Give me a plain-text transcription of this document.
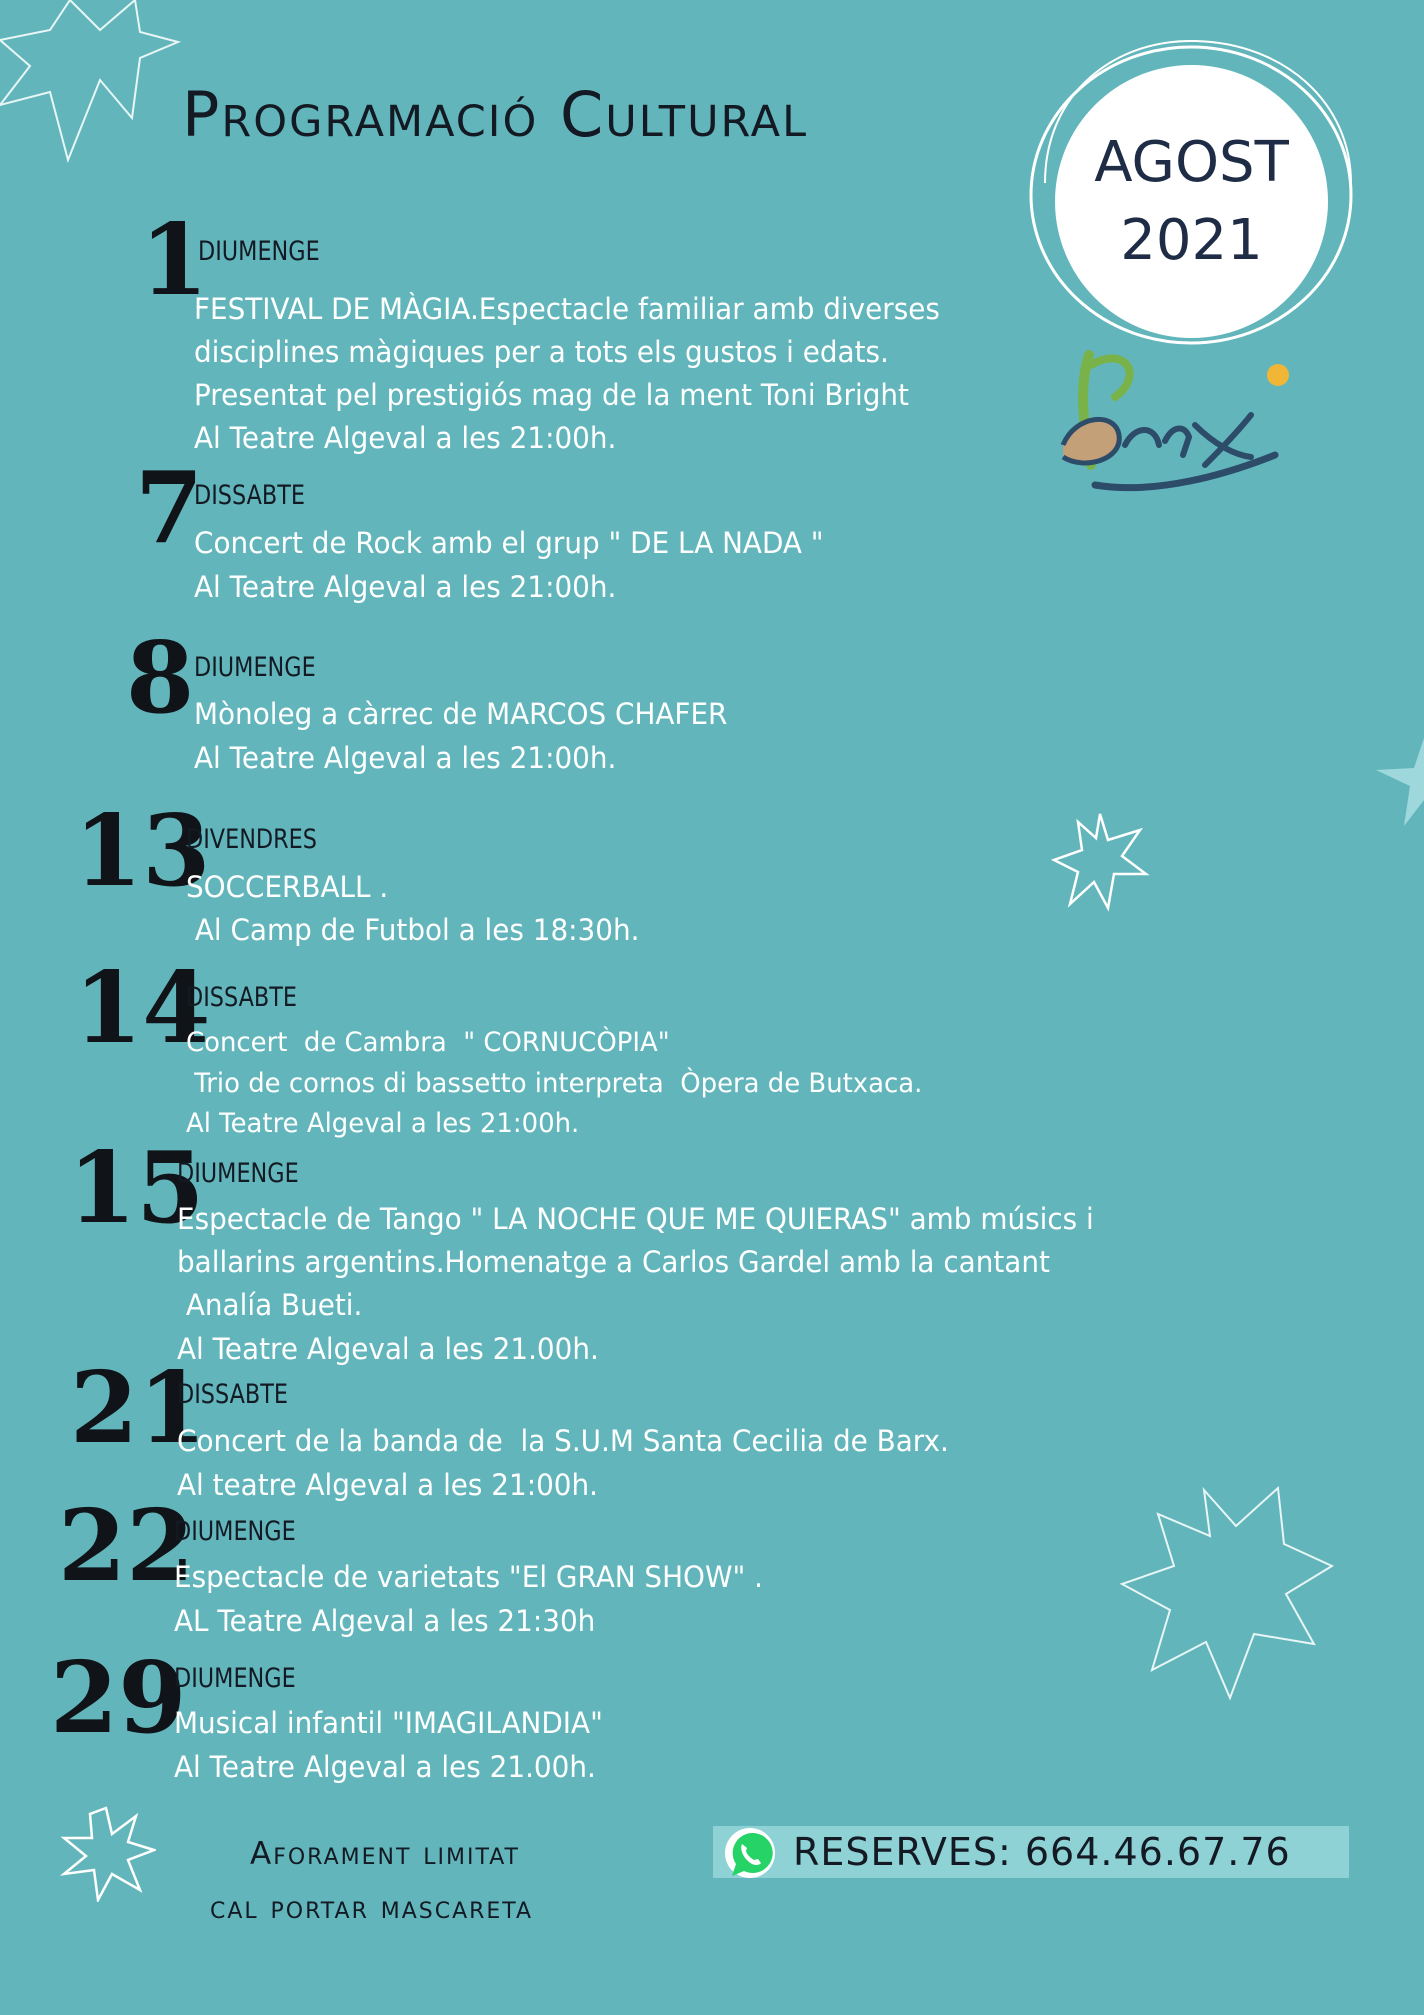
Programació Cultural
AGOST
2021
1
DIUMENGE
FESTIVAL DE MÀGIA.Espectacle familiar amb diverses
disciplines màgiques per a tots els gustos i edats.
Presentat pel prestigiós mag de la ment Toni Bright
Al Teatre Algeval a les 21:00h.
7
DISSABTE
Concert de Rock amb el grup " DE LA NADA "
Al Teatre Algeval a les 21:00h.
8 DIUMENGE
Mònoleg a càrrec de MARCOS CHAFER
Al Teatre Algeval a les 21:00h.
13
DIVENDRES
SOCCERBALL .
Al Camp de Futbol a les 18:30h.
14
DISSABTE
Concert  de Cambra  " CORNUCÒPIA"
Trio de cornos di bassetto interpreta  Òpera de Butxaca.
Al Teatre Algeval a les 21:00h.
15
DIUMENGE
Espectacle de Tango " LA NOCHE QUE ME QUIERAS" amb músics i
ballarins argentins.Homenatge a Carlos Gardel amb la cantant
Analía Bueti.
Al Teatre Algeval a les 21.00h.
21
DISSABTE
Concert de la banda de  la S.U.M Santa Cecilia de Barx.
Al teatre Algeval a les 21:00h.
22
DIUMENGE
Espectacle de varietats "El GRAN SHOW" .
AL Teatre Algeval a les 21:30h
29
DIUMENGE
Musical infantil "IMAGILANDIA"
Al Teatre Algeval a les 21.00h.
Aforament limitat
cal portar mascareta
RESERVES: 664.46.67.76
